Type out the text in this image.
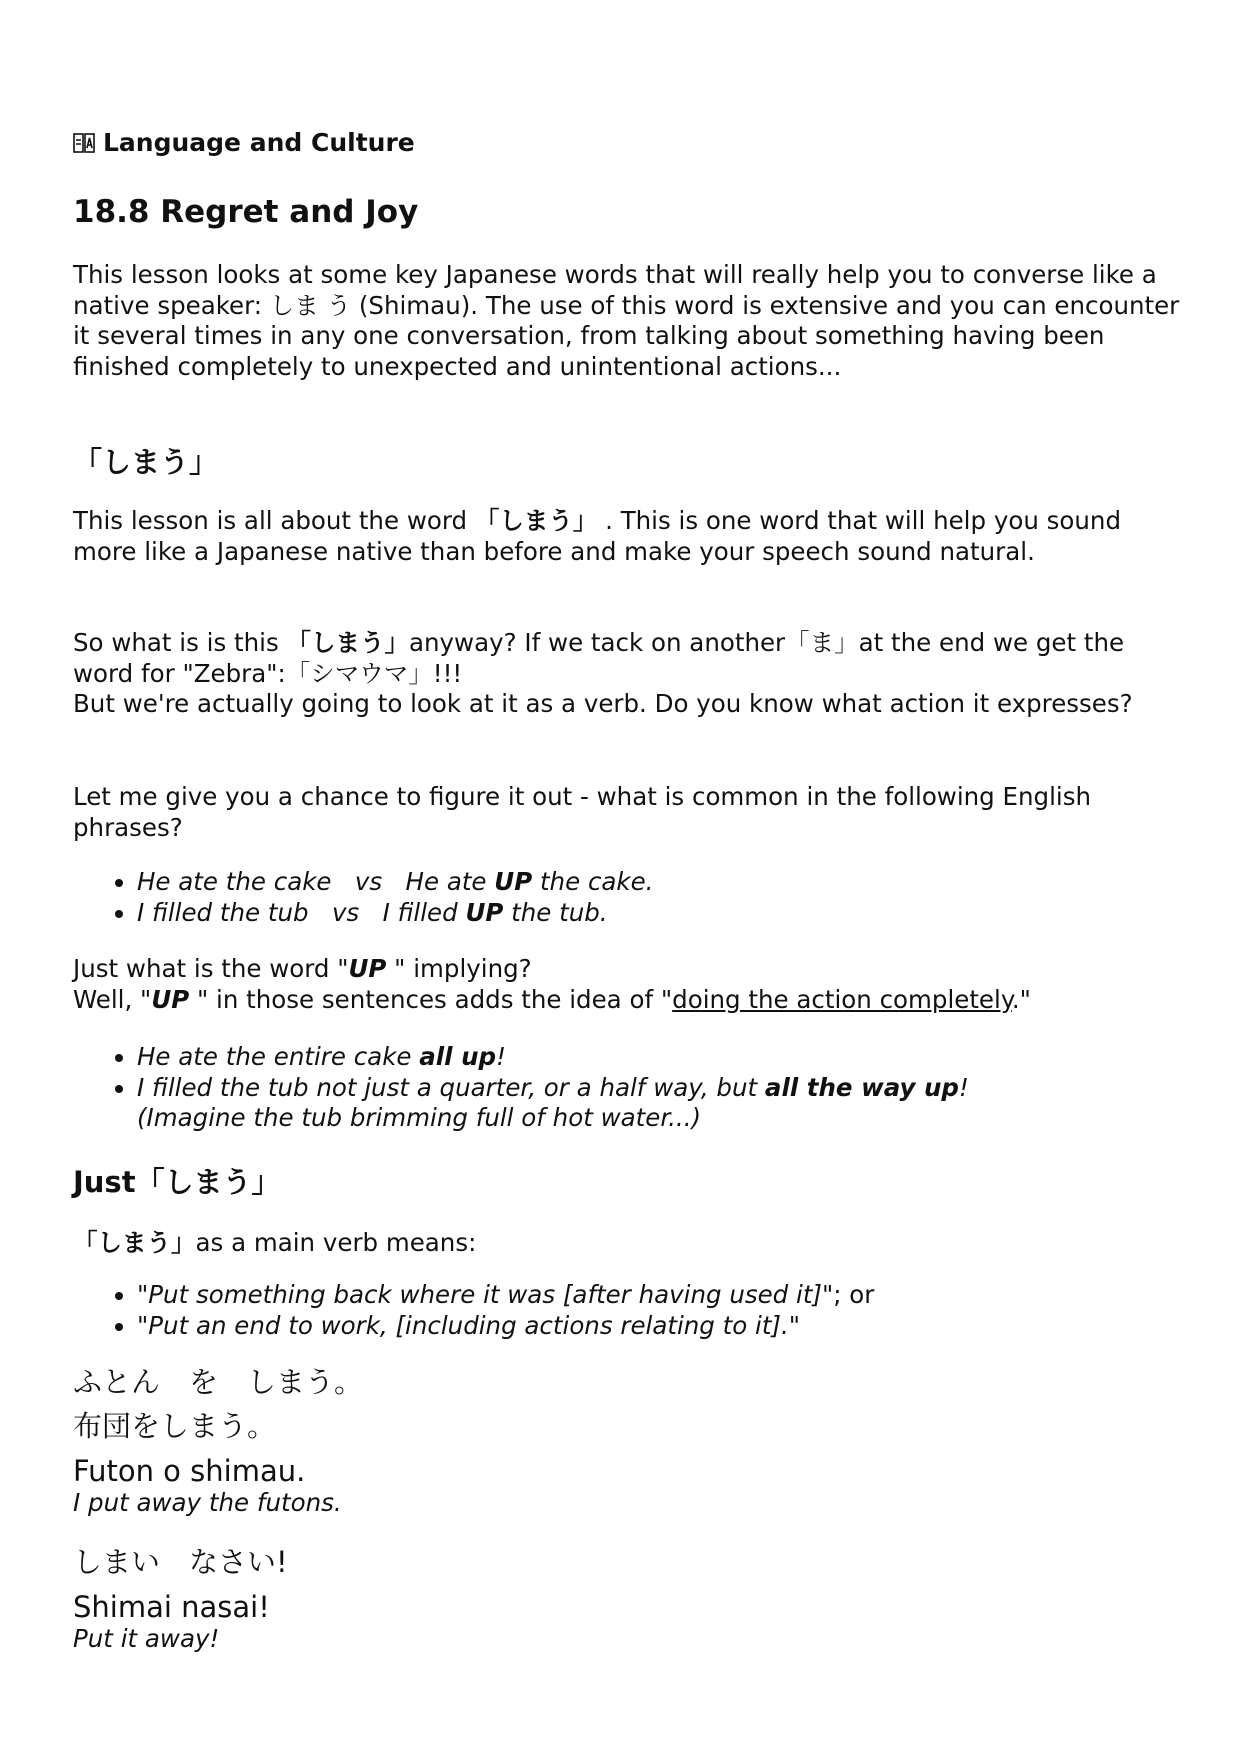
Language and Culture
18.8 Regret and Joy

This lesson looks at some key Japanese words that will really help you to converse like a native speaker: しま う (Shimau). The use of this word is extensive and you can encounter it several times in any one conversation, from talking about something having been finished completely to unexpected and unintentional actions...

「しまう」

This lesson is all about the word 「しまう」 . This is one word that will help you sound more like a Japanese native than before and make your speech sound natural.

So what is is this 「しまう」anyway? If we tack on another「ま」at the end we get the word for "Zebra":「シマウマ」!!!
But we're actually going to look at it as a verb. Do you know what action it expresses?

Let me give you a chance to figure it out - what is common in the following English phrases?

• He ate the cake vs He ate UP the cake.
• I filled the tub vs I filled UP the tub.

Just what is the word "UP " implying?
Well, "UP " in those sentences adds the idea of "doing the action completely."

• He ate the entire cake all up!
• I filled the tub not just a quarter, or a half way, but all the way up!
(Imagine the tub brimming full of hot water...)
Just「しまう」

「しまう」as a main verb means:

• "Put something back where it was [after having used it]"; or
• "Put an end to work, [including actions relating to it]."

ふとん　を　しまう。

布団をしまう。

Futon o shimau.

I put away the futons.

しまい　なさい!

Shimai nasai!

Put it away!
